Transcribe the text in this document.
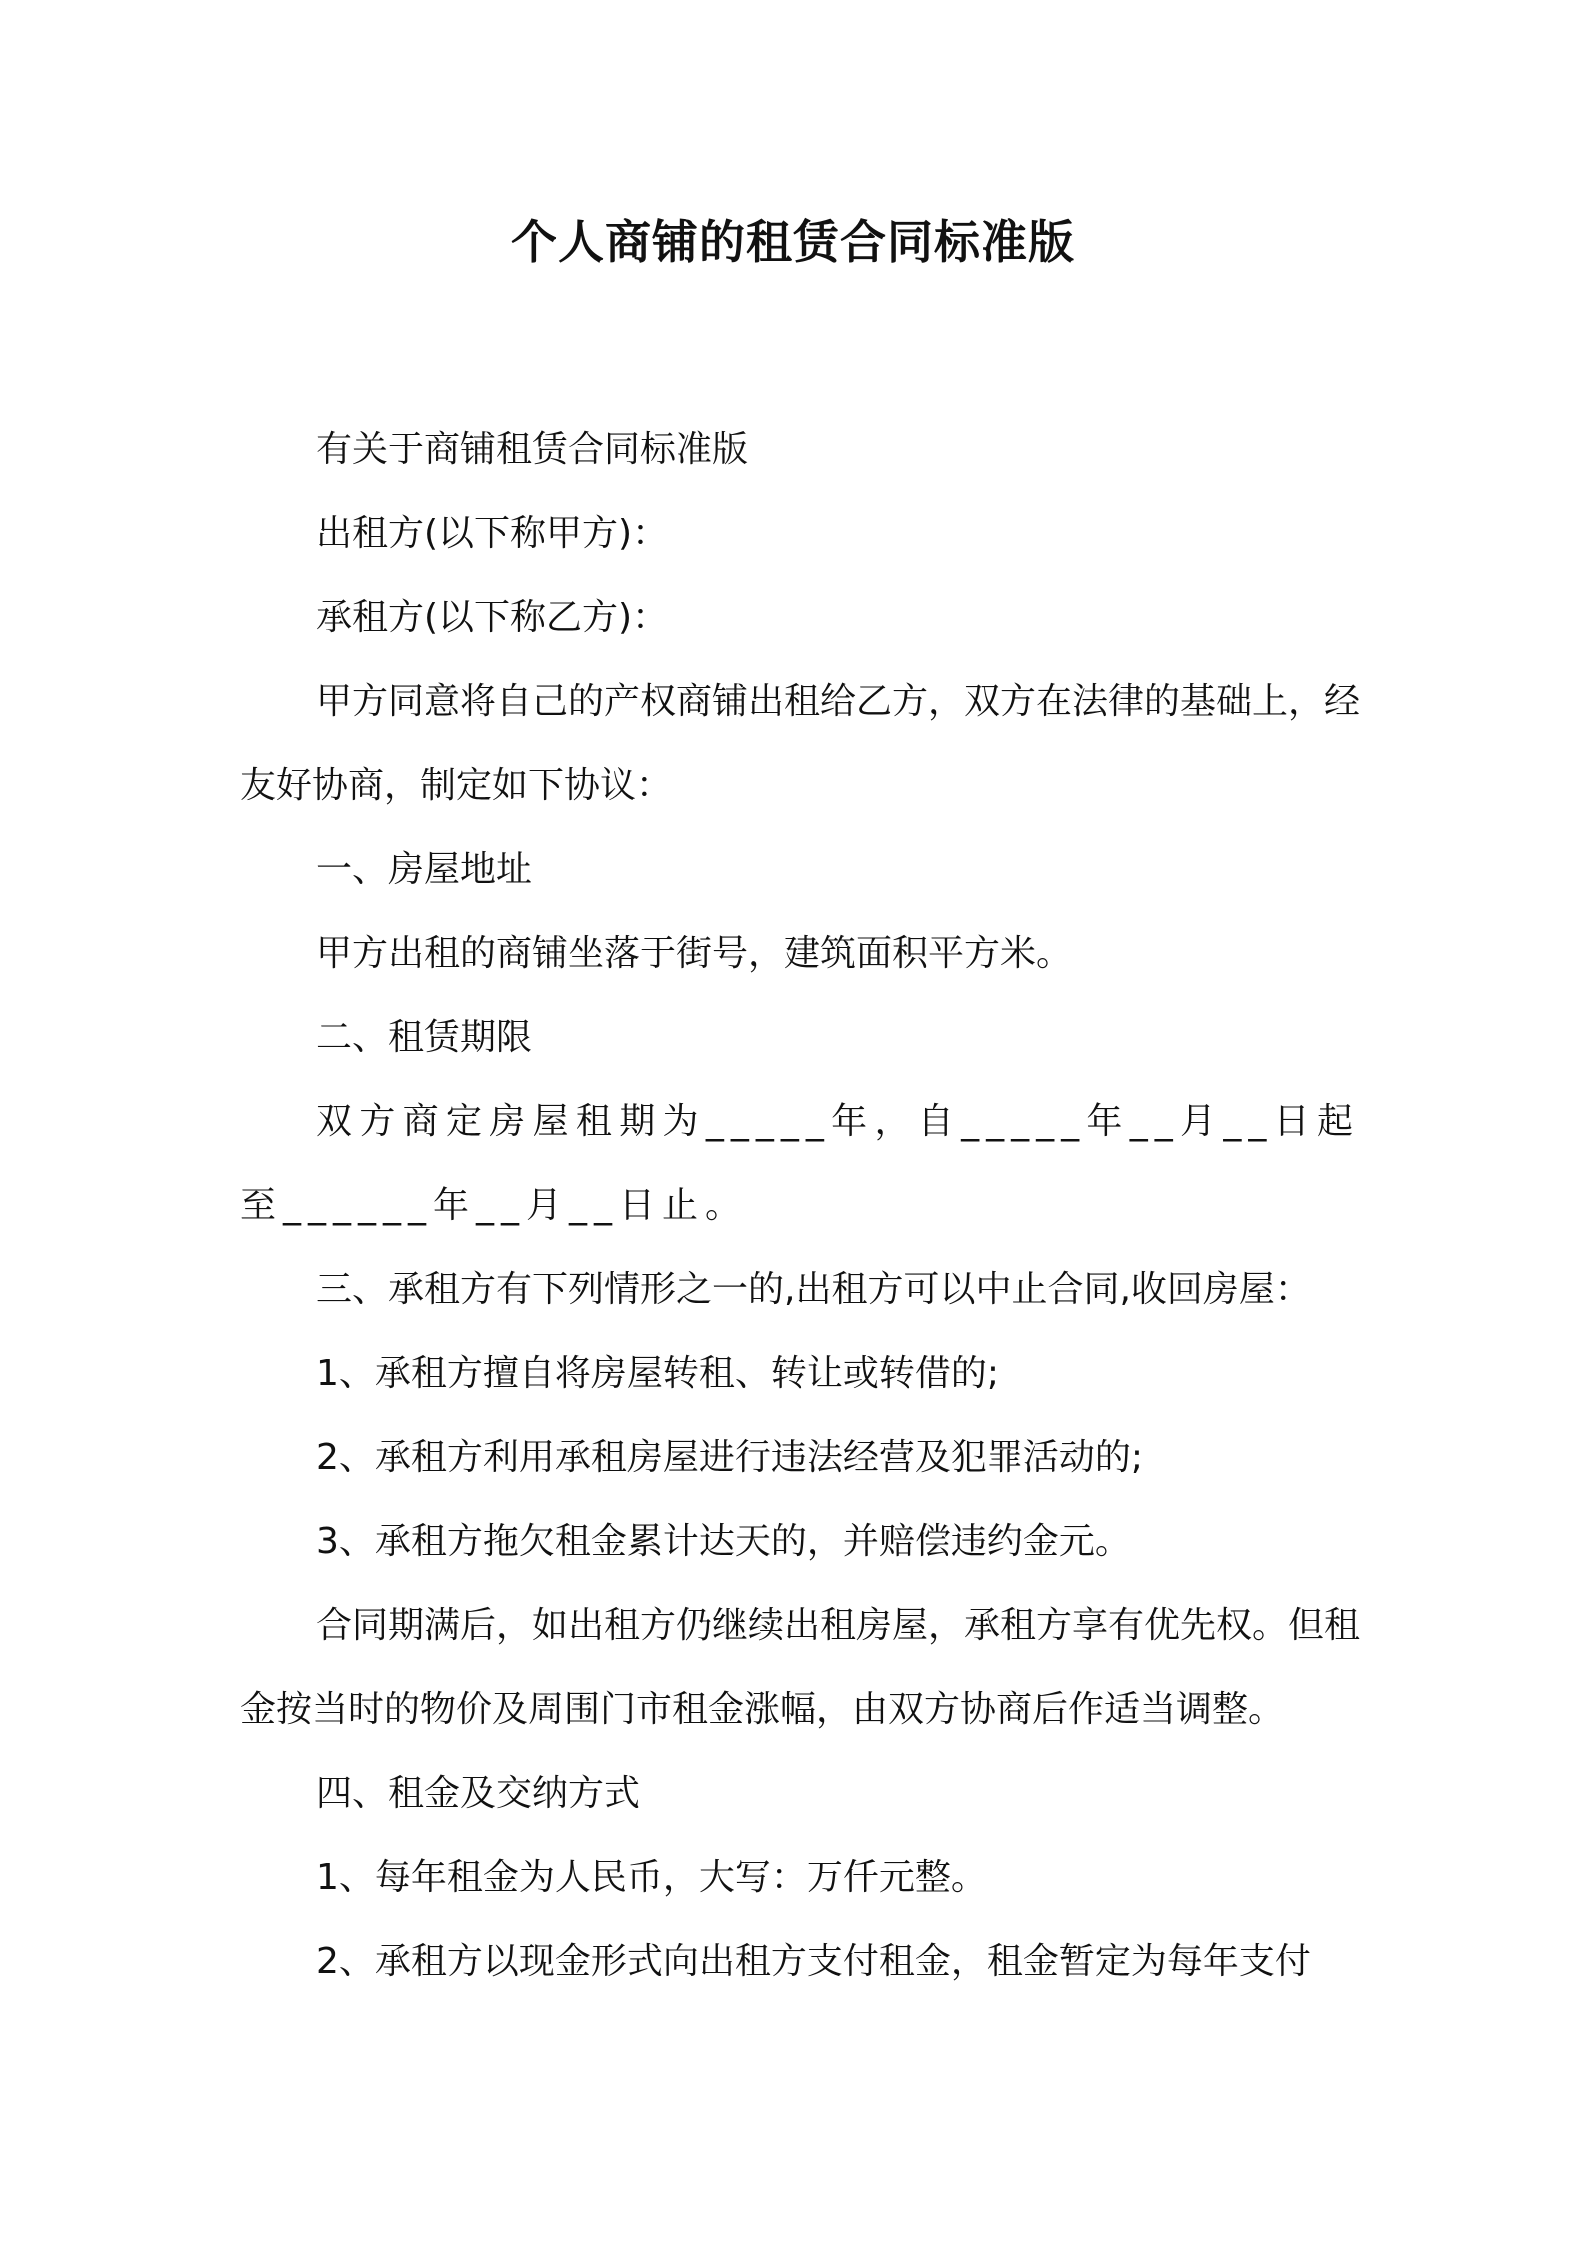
个人商铺的租赁合同标准版

有关于商铺租赁合同标准版

出租方(以下称甲方)：

承租方(以下称乙方)：

甲方同意将自己的产权商铺出租给乙方，双方在法律的基础上，经友好协商，制定如下协议：

一、房屋地址

甲方出租的商铺坐落于街号，建筑面积平方米。

二、租赁期限

双方商定房屋租期为_____年，自_____年__月__日起至______年__月__日止。

三、承租方有下列情形之一的,出租方可以中止合同,收回房屋：

1、承租方擅自将房屋转租、转让或转借的;

2、承租方利用承租房屋进行违法经营及犯罪活动的;

3、承租方拖欠租金累计达天的，并赔偿违约金元。

合同期满后，如出租方仍继续出租房屋，承租方享有优先权。但租金按当时的物价及周围门市租金涨幅，由双方协商后作适当调整。

四、租金及交纳方式

1、每年租金为人民币，大写：万仟元整。

2、承租方以现金形式向出租方支付租金，租金暂定为每年支付
